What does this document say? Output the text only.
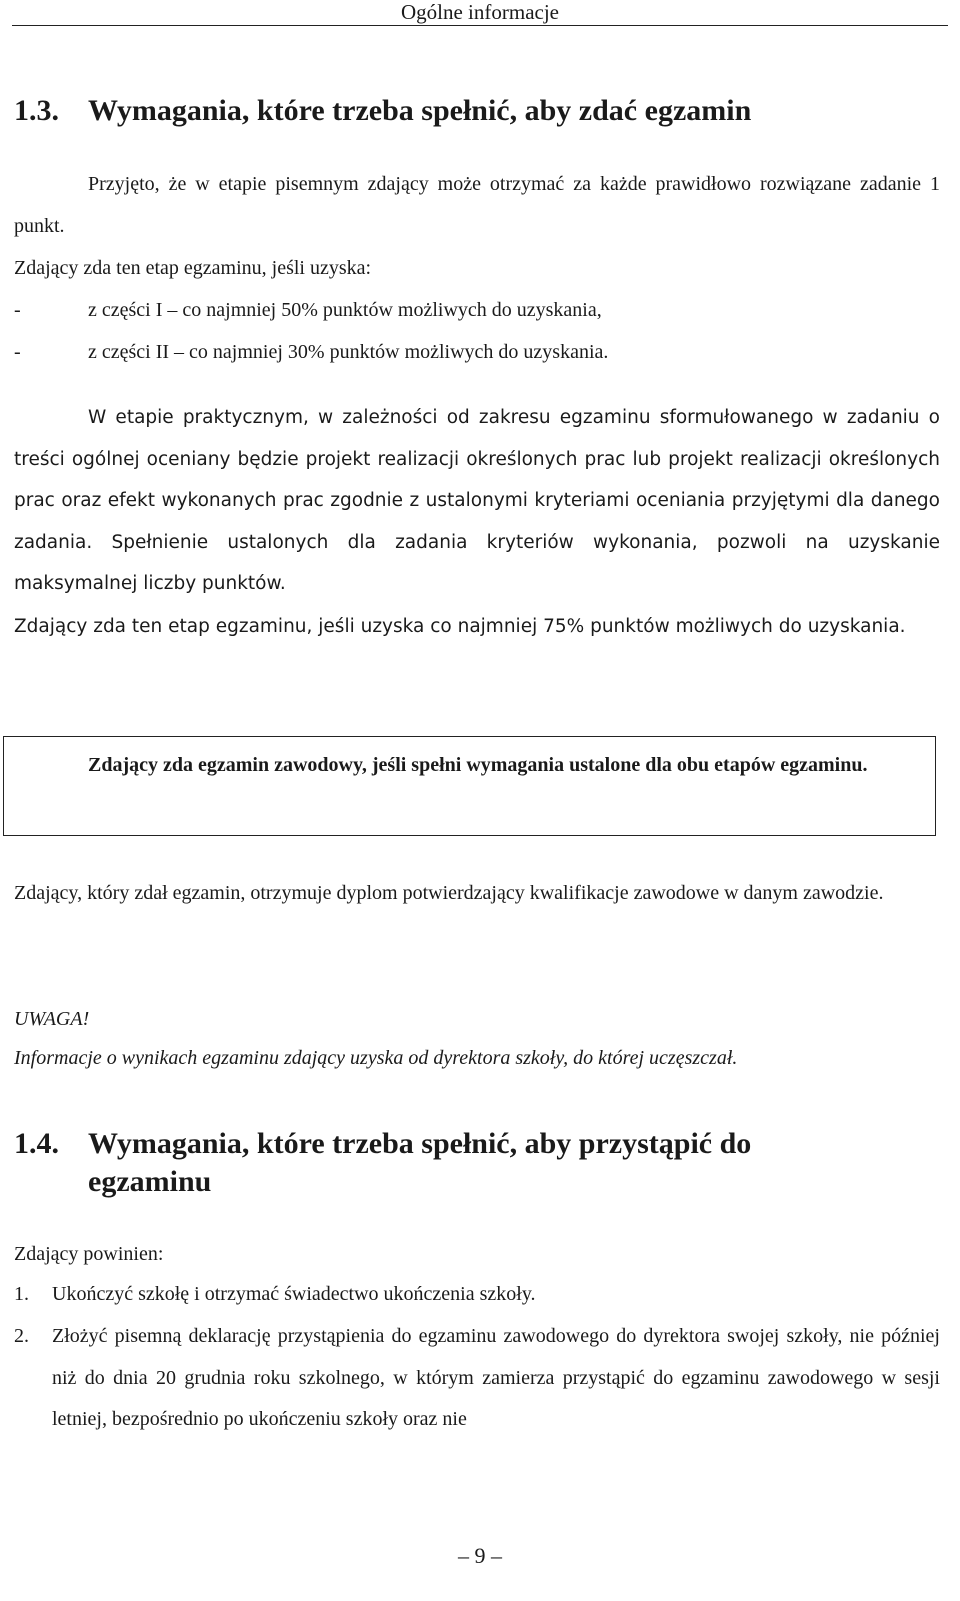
Ogólne informacje
1.3. Wymagania, które trzeba spełnić, aby zdać egzamin

Przyjęto, że w etapie pisemnym zdający może otrzymać za każde prawidłowo rozwiązane zadanie 1 punkt.

Zdający zda ten etap egzaminu, jeśli uzyska:

-	z części I – co najmniej 50% punktów możliwych do uzyskania,
-	z części II – co najmniej 30% punktów możliwych do uzyskania.

W etapie praktycznym, w zależności od zakresu egzaminu sformułowanego w zadaniu o treści ogólnej oceniany będzie projekt realizacji określonych prac lub projekt realizacji określonych prac oraz efekt wykonanych prac zgodnie z ustalonymi kryteriami oceniania przyjętymi dla danego zadania. Spełnienie ustalonych dla zadania kryteriów wykonania, pozwoli na uzyskanie maksymalnej liczby punktów.

Zdający zda ten etap egzaminu, jeśli uzyska co najmniej 75% punktów możliwych do uzyskania.

Zdający zda egzamin zawodowy, jeśli spełni wymagania ustalone dla obu etapów egzaminu.

Zdający, który zdał egzamin, otrzymuje dyplom potwierdzający kwalifikacje zawodowe w danym zawodzie.

UWAGA!

Informacje o wynikach egzaminu zdający uzyska od dyrektora szkoły, do której uczęszczał.

1.4. Wymagania, które trzeba spełnić, aby przystąpić do
egzaminu

Zdający powinien:

1.	Ukończyć szkołę i otrzymać świadectwo ukończenia szkoły.
2.	Złożyć pisemną deklarację przystąpienia do egzaminu zawodowego do dyrektora swojej szkoły, nie później niż do dnia 20 grudnia roku szkolnego, w którym zamierza przystąpić do egzaminu zawodowego w sesji letniej, bezpośrednio po ukończeniu szkoły oraz nie
– 9 –
